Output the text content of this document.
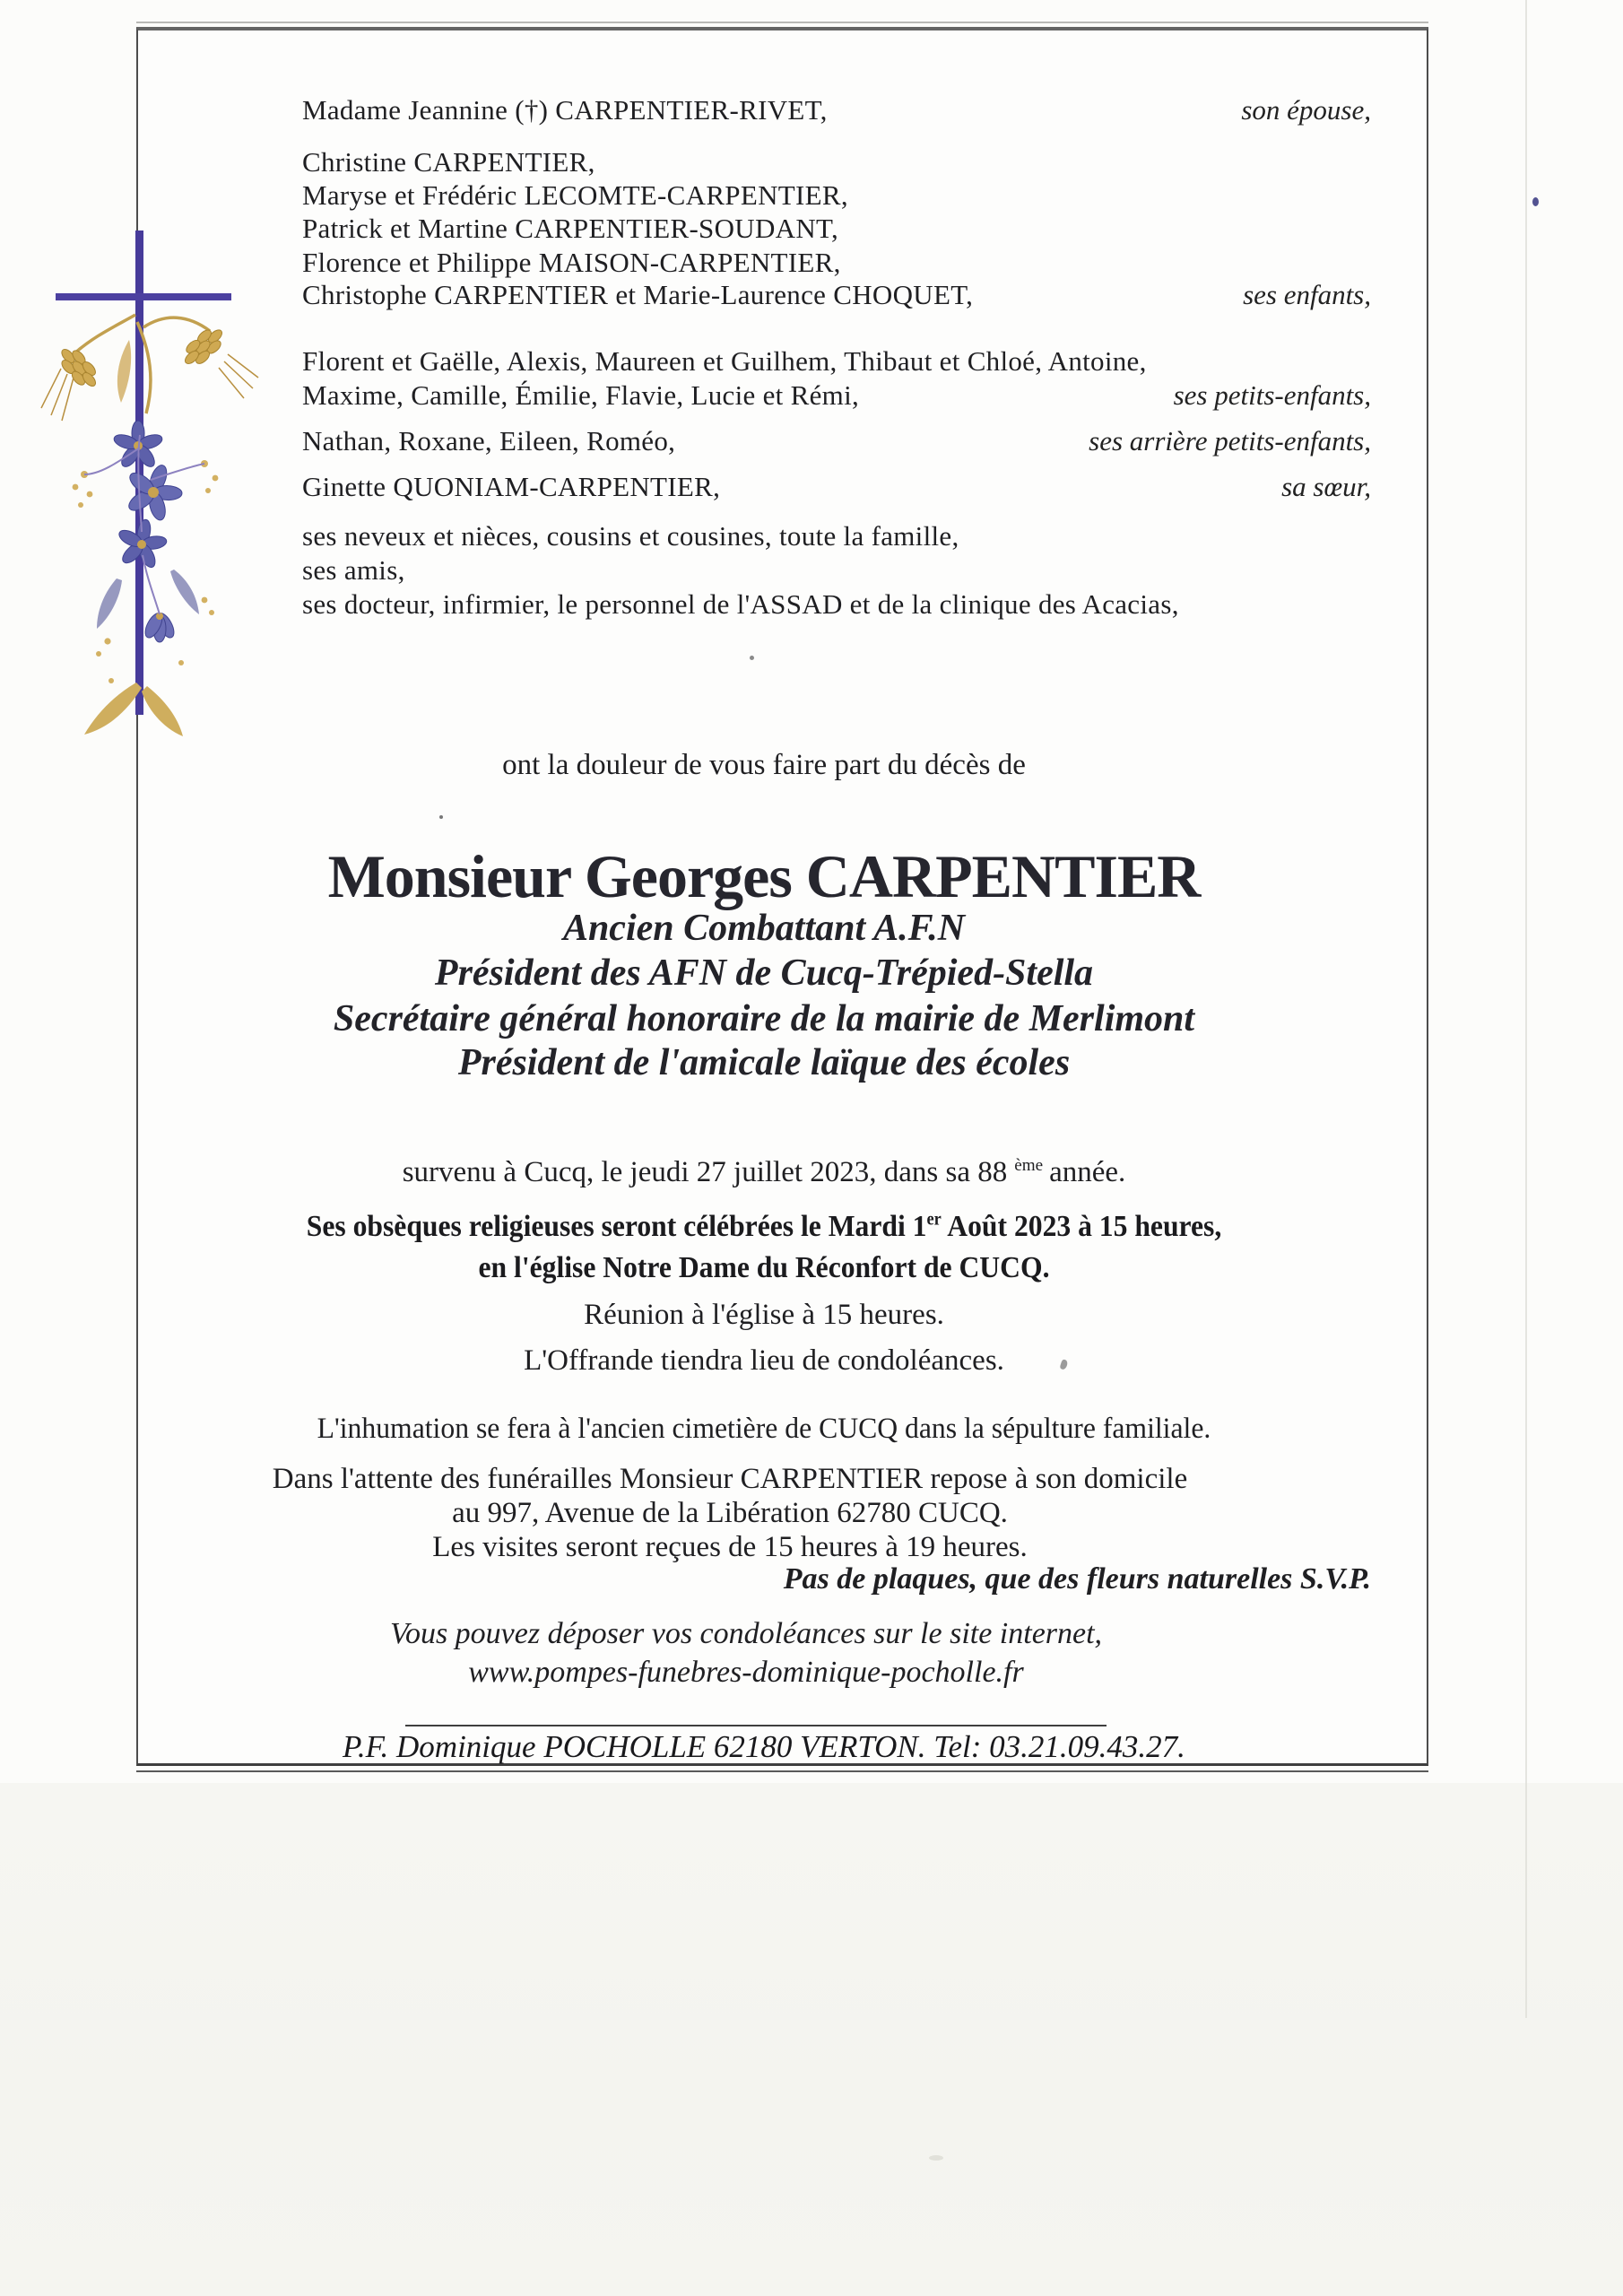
Madame Jeannine (†) CARPENTIER-RIVET,	son épouse,
Christine CARPENTIER,
Maryse et Frédéric LECOMTE-CARPENTIER,
Patrick et Martine CARPENTIER-SOUDANT,
Florence et Philippe MAISON-CARPENTIER,
Christophe CARPENTIER et Marie-Laurence CHOQUET,	ses enfants,
Florent et Gaëlle, Alexis, Maureen et Guilhem, Thibaut et Chloé, Antoine,
Maxime, Camille, Émilie, Flavie, Lucie et Rémi,	ses petits-enfants,
Nathan, Roxane, Eileen, Roméo,	ses arrière petits-enfants,
Ginette QUONIAM-CARPENTIER,	sa sœur,
ses neveux et nièces, cousins et cousines, toute la famille,
ses amis,
ses docteur, infirmier, le personnel de l'ASSAD et de la clinique des Acacias,
ont la douleur de vous faire part du décès de
Monsieur Georges CARPENTIER
Ancien Combattant A.F.N
Président des AFN de Cucq-Trépied-Stella
Secrétaire général honoraire de la mairie de Merlimont
Président de l'amicale laïque des écoles
survenu à Cucq, le jeudi 27 juillet 2023, dans sa 88 $^{ème}$ année.
Ses obsèques religieuses seront célébrées le Mardi 1er Août 2023 à 15 heures,
en l'église Notre Dame du Réconfort de CUCQ.
Réunion à l'église à 15 heures.
L'Offrande tiendra lieu de condoléances.
L'inhumation se fera à l'ancien cimetière de CUCQ dans la sépulture familiale.
Dans l'attente des funérailles Monsieur CARPENTIER repose à son domicile
au 997, Avenue de la Libération 62780 CUCQ.
Les visites seront reçues de 15 heures à 19 heures.
Pas de plaques, que des fleurs naturelles S.V.P.
Vous pouvez déposer vos condoléances sur le site internet,
www.pompes-funebres-dominique-pocholle.fr
P.F. Dominique POCHOLLE 62180 VERTON. Tel: 03.21.09.43.27.
